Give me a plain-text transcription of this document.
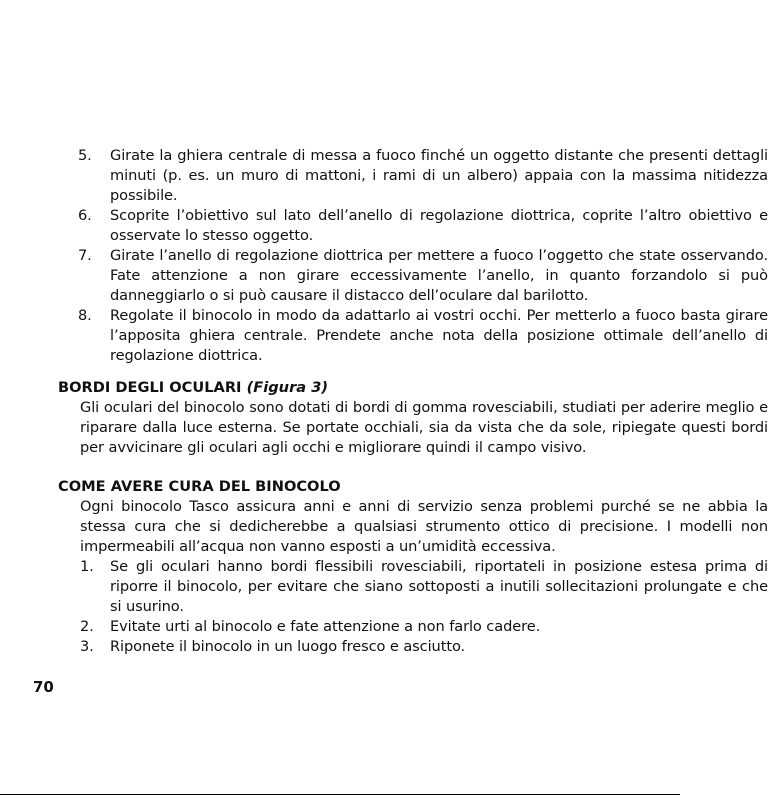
5. Girate la ghiera centrale di messa a fuoco finché un oggetto distante che presenti dettagli minuti (p. es. un muro di mattoni, i rami di un albero) appaia con la massima nitidezza possibile.
6. Scoprite l’obiettivo sul lato dell’anello di regolazione diottrica, coprite l’altro obiettivo e osservate lo stesso oggetto.
7. Girate l’anello di regolazione diottrica per mettere a fuoco l’oggetto che state osservando. Fate attenzione a non girare eccessivamente l’anello, in quanto forzandolo si può danneggiarlo o si può causare il distacco dell’oculare dal barilotto.
8. Regolate il binocolo in modo da adattarlo ai vostri occhi. Per metterlo a fuoco basta girare l’apposita ghiera centrale. Prendete anche nota della posizione ottimale dell’anello di regolazione diottrica.
BORDI DEGLI OCULARI (Figura 3)
Gli oculari del binocolo sono dotati di bordi di gomma rovesciabili, studiati per aderire meglio e riparare dalla luce esterna. Se portate occhiali, sia da vista che da sole, ripiegate questi bordi per avvicinare gli oculari agli occhi e migliorare quindi il campo visivo.
COME AVERE CURA DEL BINOCOLO
Ogni binocolo Tasco assicura anni e anni di servizio senza problemi purché se ne abbia la stessa cura che si dedicherebbe a qualsiasi strumento ottico di precisione. I modelli non impermeabili all’acqua non vanno esposti a un’umidità eccessiva.
1. Se gli oculari hanno bordi flessibili rovesciabili, riportateli in posizione estesa prima di riporre il binocolo, per evitare che siano sottoposti a inutili sollecitazioni prolungate e che si usurino.
2. Evitate urti al binocolo e fate attenzione a non farlo cadere.
3. Riponete il binocolo in un luogo fresco e asciutto.
70
